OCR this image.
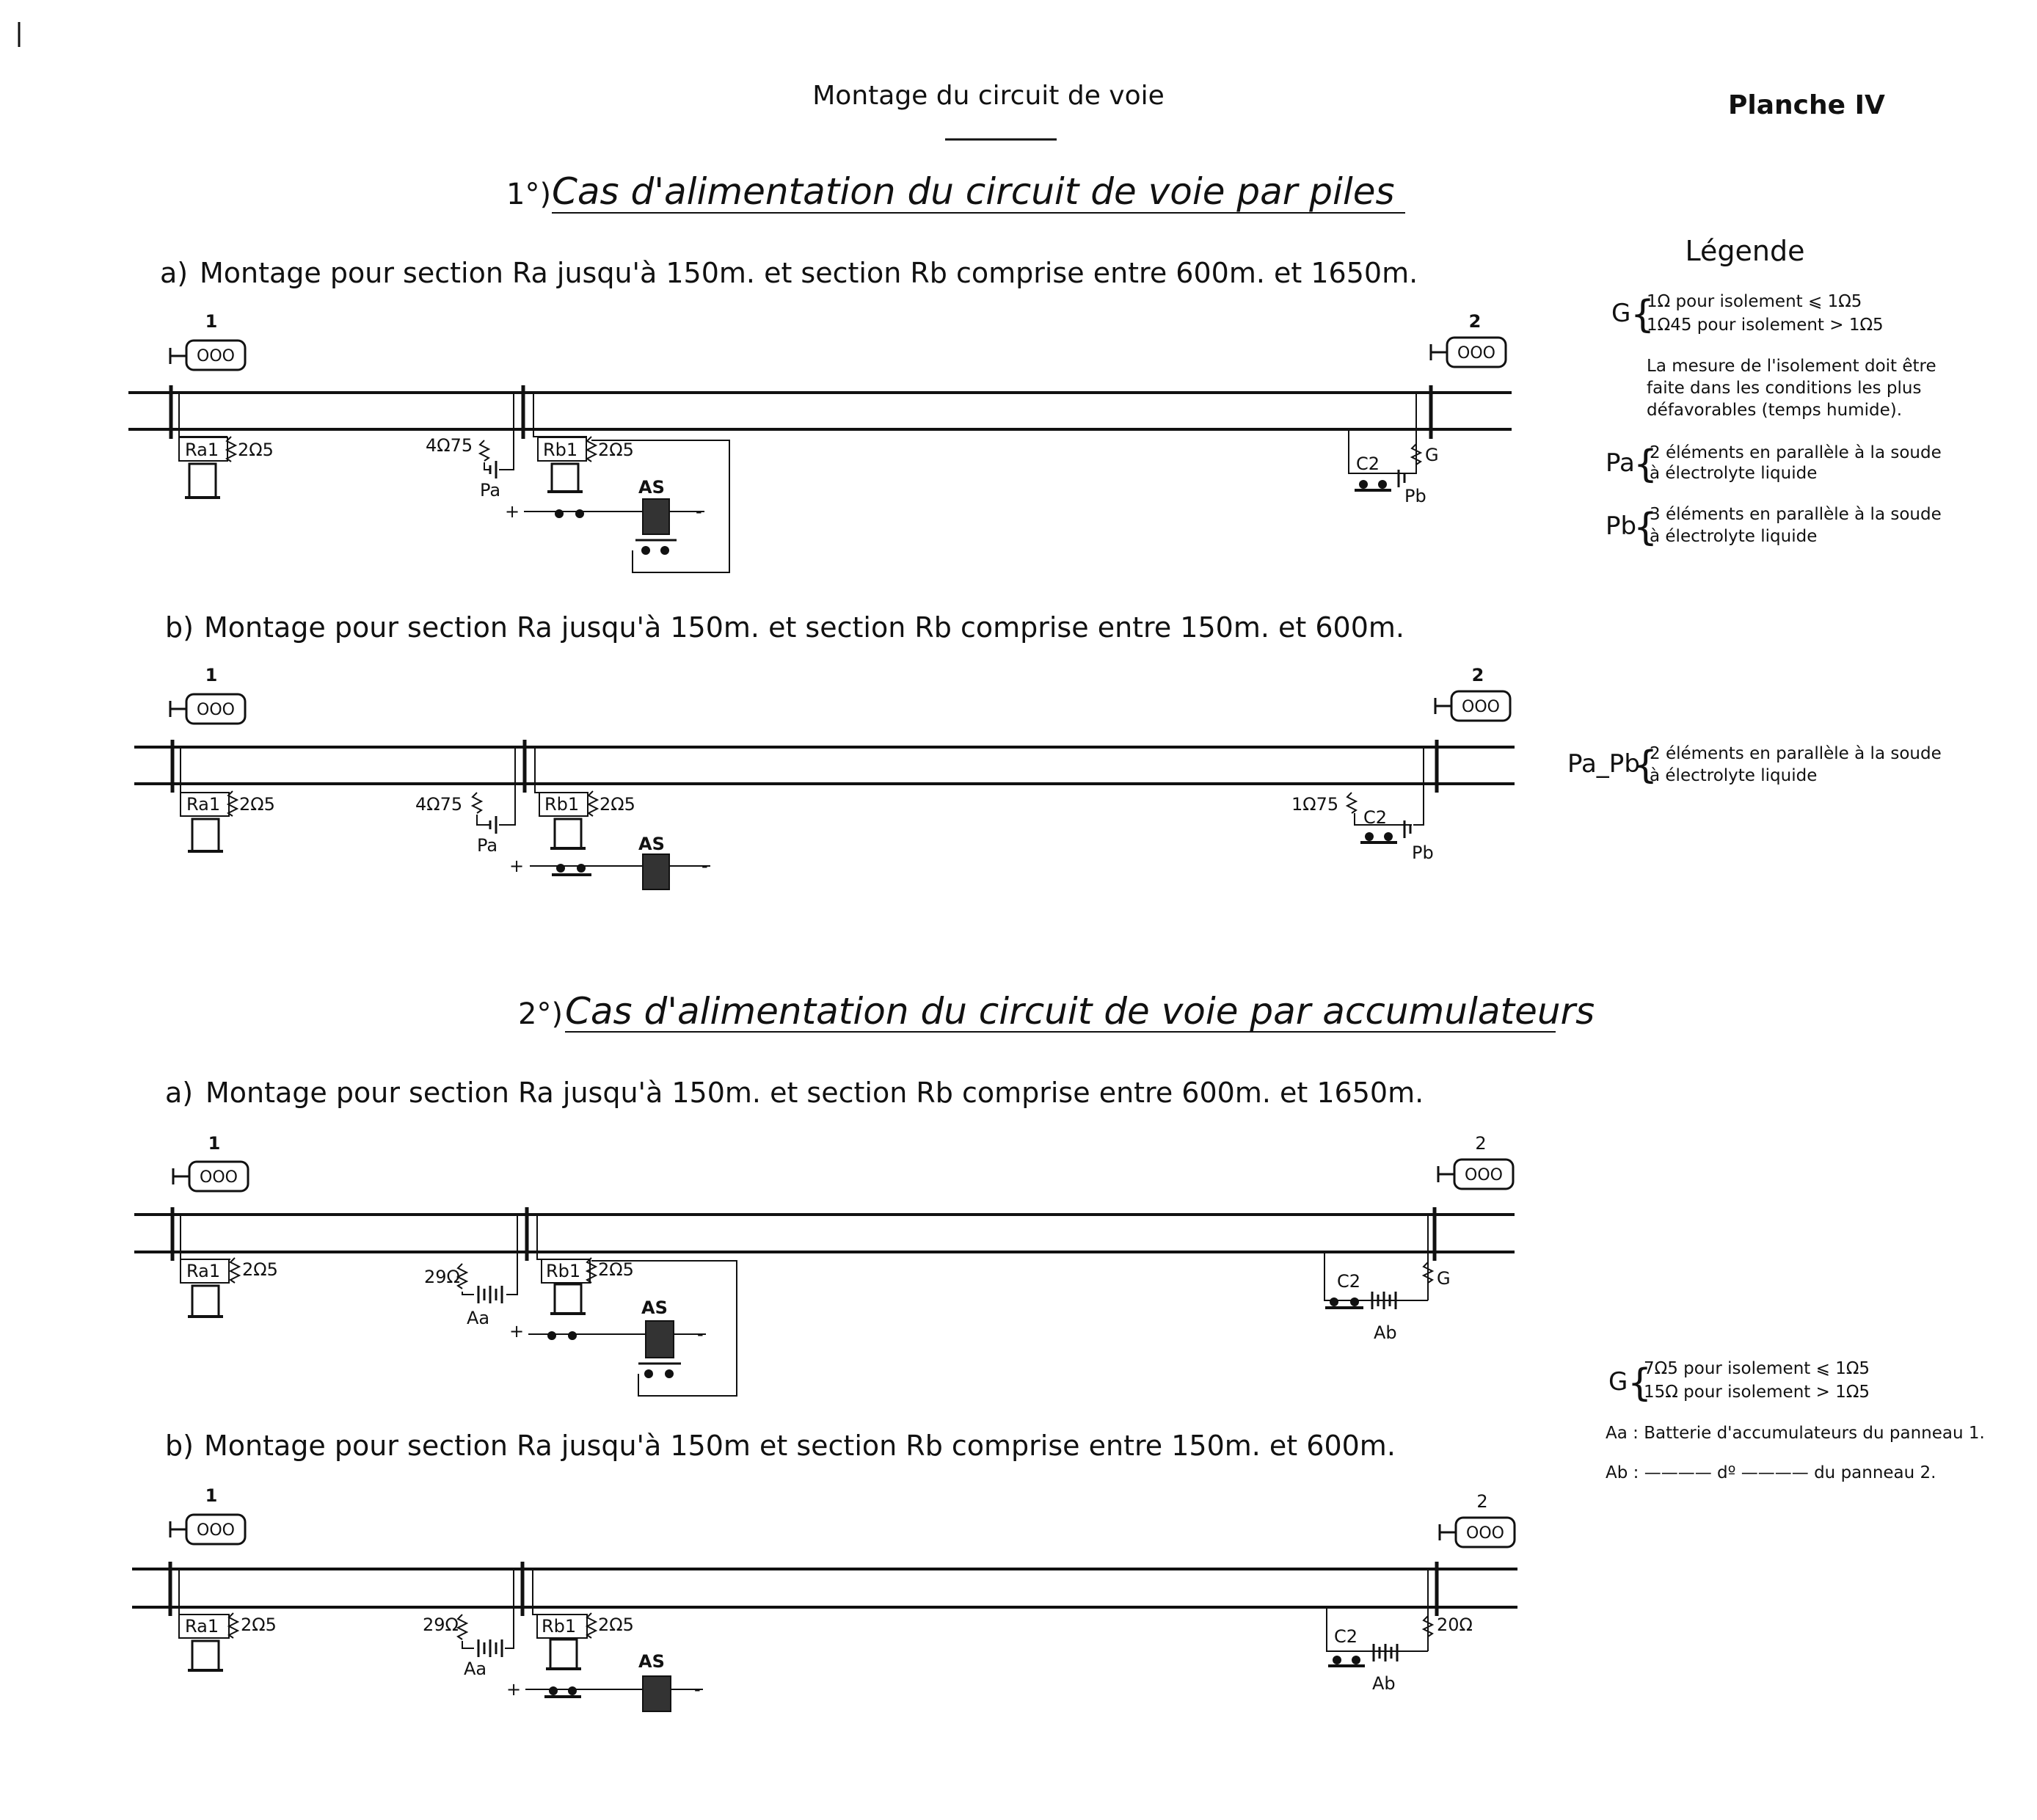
Montage du circuit de voie	Planche IV
1°) Cas d'alimentation du circuit de voie par piles
a) Montage pour section Ra jusqu'à 150m. et section Rb comprise entre 600m. et 1650m.
1
OOO
2
OOO
Ra1 2Ω5	4Ω75
Pa
Rb1 2Ω5
AS
+	-
C2
Pb
G
b) Montage pour section Ra jusqu'à 150m. et section Rb comprise entre 150m. et 600m.
1
OOO
2
OOO
Ra1 2Ω5	4Ω75
Pa
Rb1 2Ω5
AS
+	-
1Ω75
C2
Pb
2°) Cas d'alimentation du circuit de voie par accumulateurs
a) Montage pour section Ra jusqu'à 150m. et section Rb comprise entre 600m. et 1650m.
1
OOO
2
OOO
Ra1 2Ω5	29Ω
Aa
Rb1 2Ω5
AS
+	-
C2
Ab
G
b) Montage pour section Ra jusqu'à 150m et section Rb comprise entre 150m. et 600m.
1
OOO
2
OOO
Ra1 2Ω5	29Ω
Aa
Rb1 2Ω5
AS
+	-
C2
Ab
20Ω
Légende
G {
1Ω pour isolement ⩽ 1Ω5
1Ω45 pour isolement > 1Ω5
La mesure de l'isolement doit être
faite dans les conditions les plus
défavorables (temps humide).
Pa
{
2 éléments en parallèle à la soude
à électrolyte liquide
Pb
{
3 éléments en parallèle à la soude
à électrolyte liquide
Pa_Pb
{
2 éléments en parallèle à la soude
à électrolyte liquide
G {
7Ω5 pour isolement ⩽ 1Ω5
15Ω pour isolement > 1Ω5
Aa : Batterie d'accumulateurs du panneau 1.
Ab : ———— dº ———— du panneau 2.
